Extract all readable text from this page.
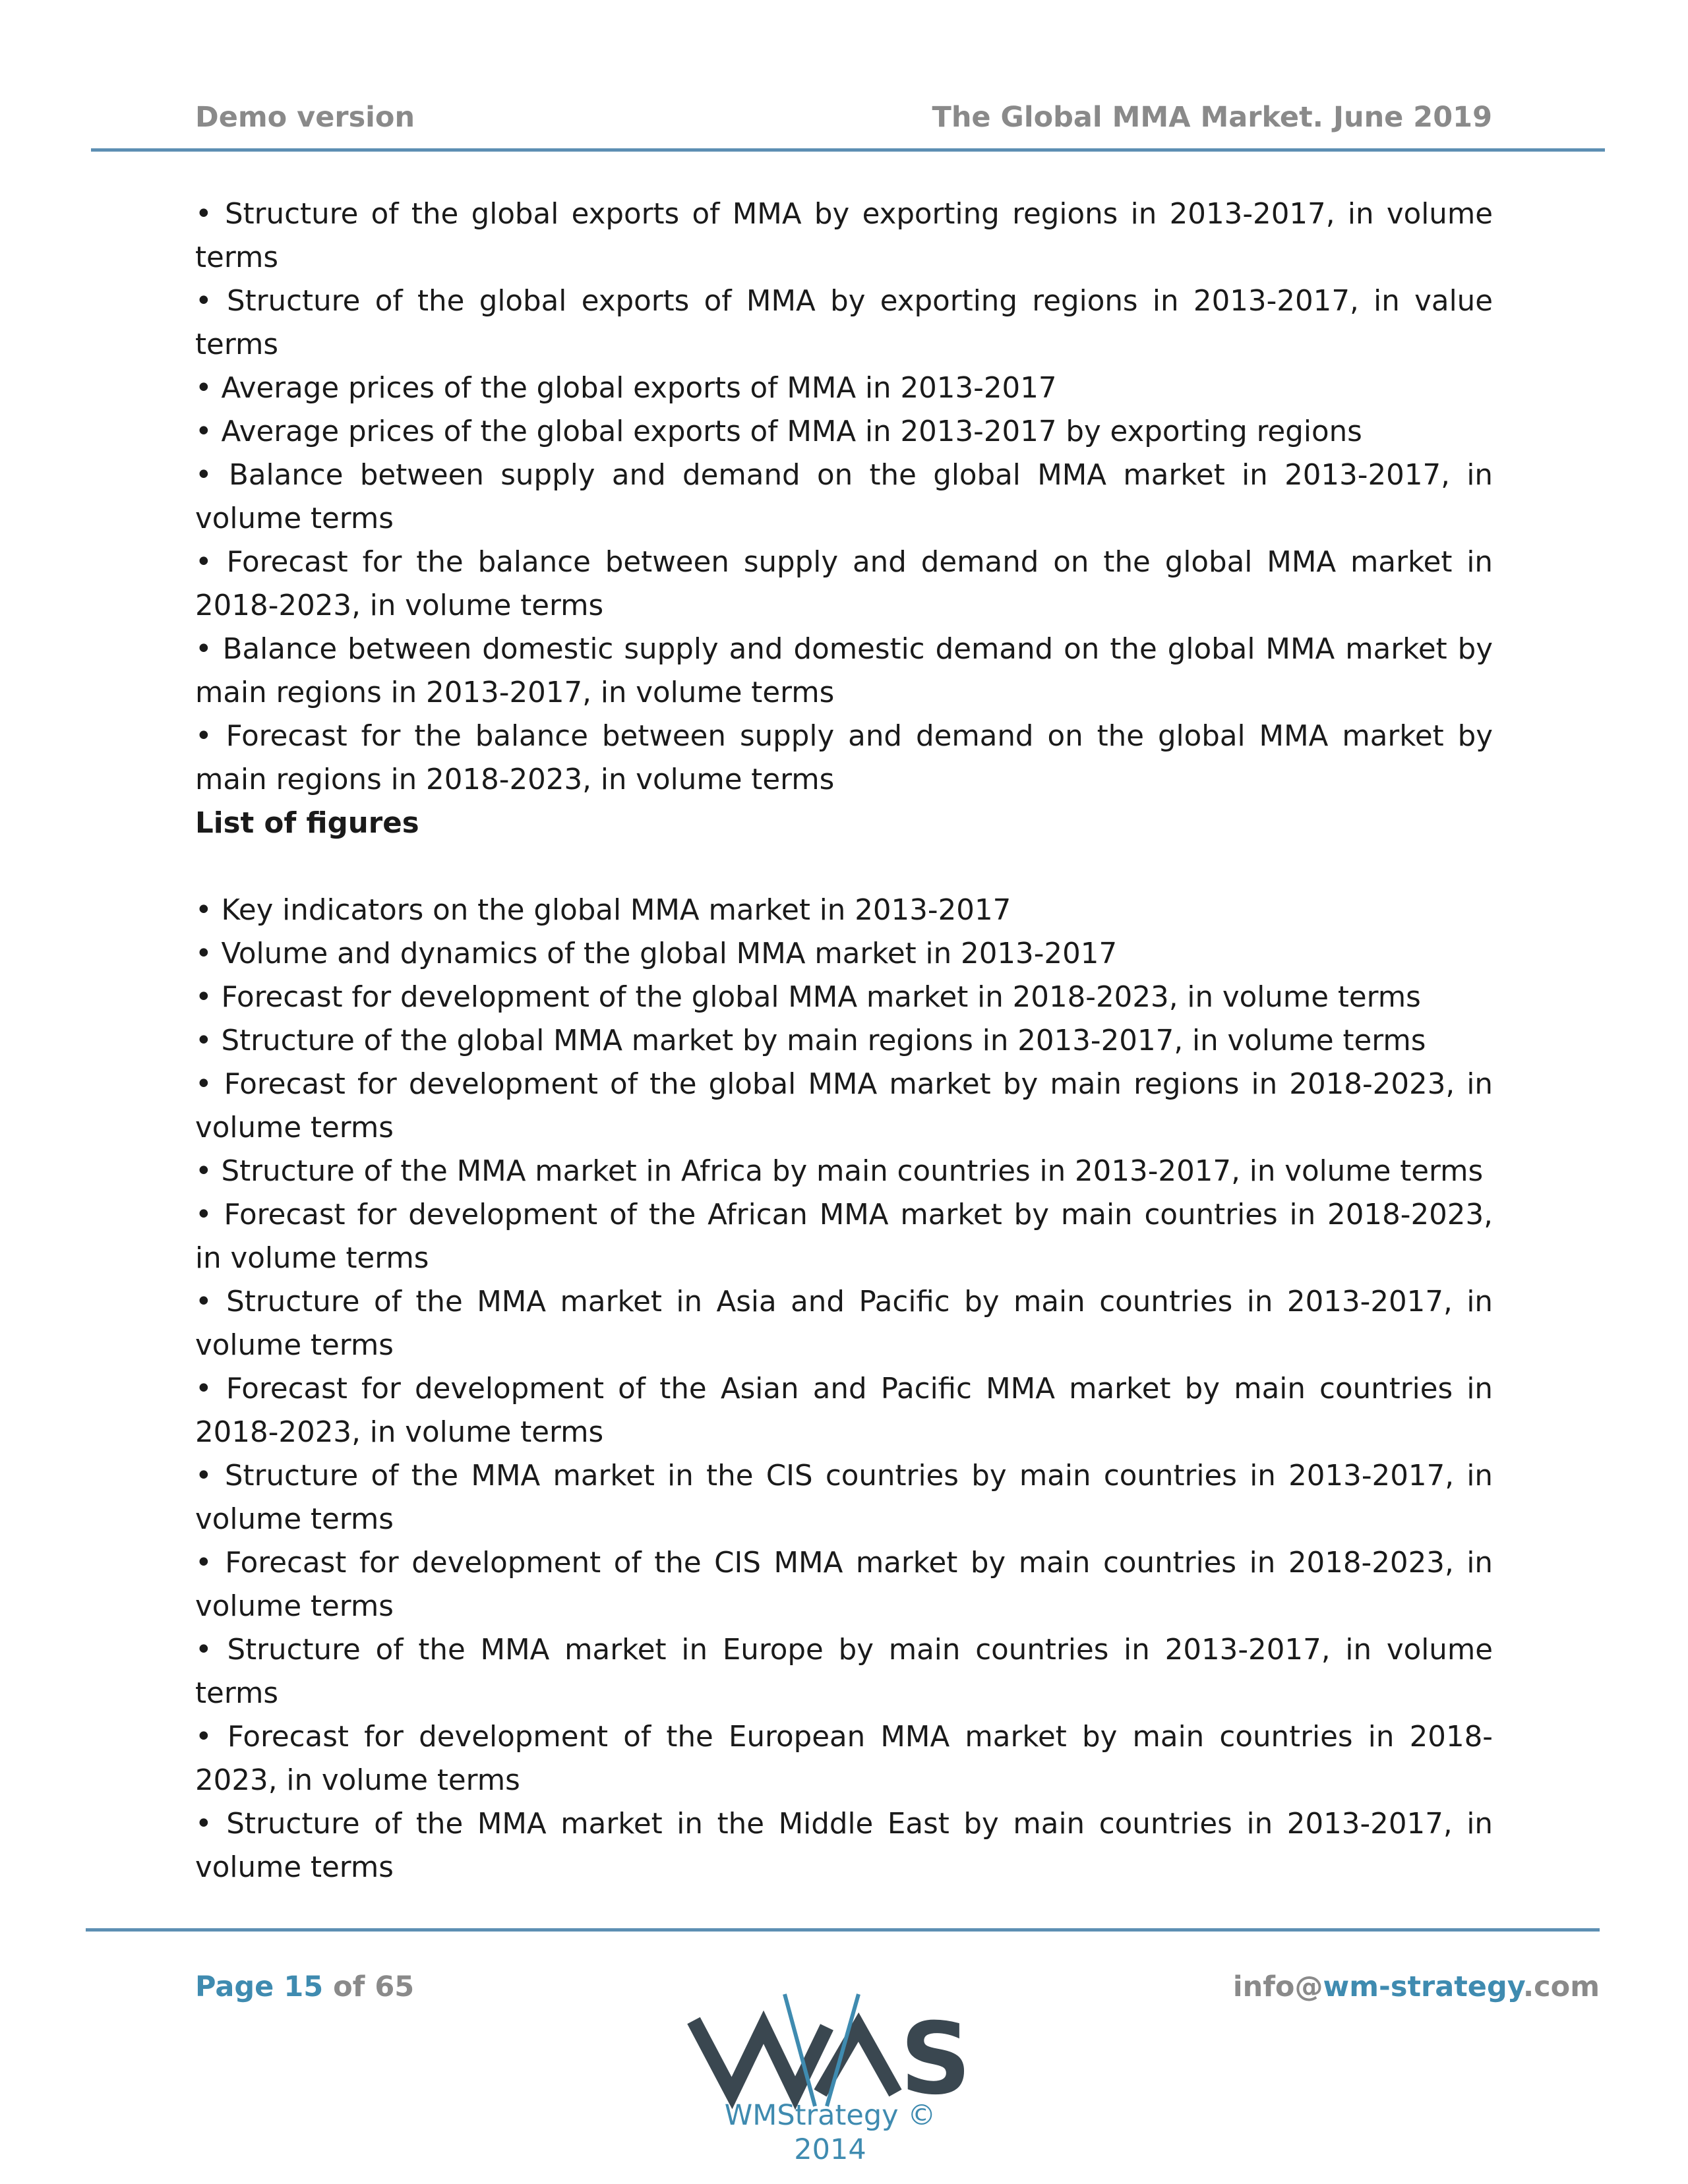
Demo version	The Global MMA Market. June 2019
• Structure of the global exports of MMA by exporting regions in 2013-2017, in volume terms
• Structure of the global exports of MMA by exporting regions in 2013-2017, in value terms
• Average prices of the global exports of MMA in 2013-2017
• Average prices of the global exports of MMA in 2013-2017 by exporting regions
• Balance between supply and demand on the global MMA market in 2013-2017, in volume terms
• Forecast for the balance between supply and demand on the global MMA market in 2018-2023, in volume terms
• Balance between domestic supply and domestic demand on the global MMA market by main regions in 2013-2017, in volume terms
• Forecast for the balance between supply and demand on the global MMA market by main regions in 2018-2023, in volume terms
List of figures
• Key indicators on the global MMA market in 2013-2017
• Volume and dynamics of the global MMA market in 2013-2017
• Forecast for development of the global MMA market in 2018-2023, in volume terms
• Structure of the global MMA market by main regions in 2013-2017, in volume terms
• Forecast for development of the global MMA market by main regions in 2018-2023, in volume terms
• Structure of the MMA market in Africa by main countries in 2013-2017, in volume terms
• Forecast for development of the African MMA market by main countries in 2018-2023, in volume terms
• Structure of the MMA market in Asia and Pacific by main countries in 2013-2017, in volume terms
• Forecast for development of the Asian and Pacific MMA market by main countries in 2018-2023, in volume terms
• Structure of the MMA market in the CIS countries by main countries in 2013-2017, in volume terms
• Forecast for development of the CIS MMA market by main countries in 2018-2023, in volume terms
• Structure of the MMA market in Europe by main countries in 2013-2017, in volume terms
• Forecast for development of the European MMA market by main countries in 2018-2023, in volume terms
• Structure of the MMA market in the Middle East by main countries in 2013-2017, in volume terms
Page 15 of 65
S
WMStrategy © 2014
info@wm-strategy.com
